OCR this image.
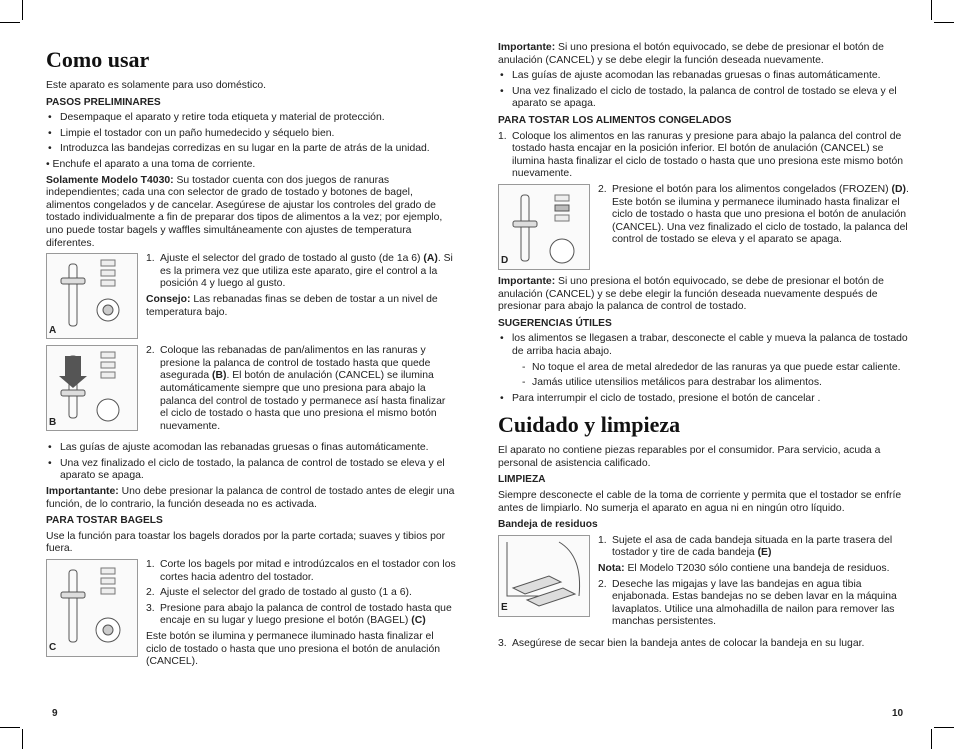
Como usar

Este aparato es solamente para uso doméstico.

PASOS PRELIMINARES
• Desempaque el aparato y retire toda etiqueta y material de protección.
• Limpie el tostador con un paño humedecido y séquelo bien.
• Introduzca las bandejas corredizas en su lugar en la parte de atrás de la unidad.

• Enchufe el aparato a una toma de corriente.

Solamente Modelo T4030: Su tostador cuenta con dos juegos de ranuras independientes; cada una con selector de grado de tostado y botones de bagel, alimentos congelados y de cancelar. Asegúrese de ajustar los controles del grado de tostado individualmente a fin de preparar dos tipos de alimentos a la vez; por ejemplo, uno puede tostar bagels y waffles simultáneamente con ajustes de temperatura diferentes.

A
1. Ajuste el selector del grado de tostado al gusto (de 1a 6) (A). Si es la primera vez que utiliza este aparato, gire el control a la posición 4 y luego al gusto.

Consejo: Las rebanadas finas se deben de tostar a un nivel de temperatura bajo.

B
2. Coloque las rebanadas de pan/alimentos en las ranuras y presione la palanca de control de tostado hasta que quede asegurada (B). El botón de anulación (CANCEL) se ilumina automáticamente siempre que uno presiona para abajo la palanca del control de tostado y permanece así hasta finalizar el ciclo de tostado o hasta que uno presiona el mismo botón nuevamente.
• Las guías de ajuste acomodan las rebanadas gruesas o finas automáticamente.
• Una vez finalizado el ciclo de tostado, la palanca de control de tostado se eleva y el aparato se apaga.

Importantante: Uno debe presionar la palanca de control de tostado antes de elegir una función, de lo contrario, la función deseada no es activada.

PARA TOSTAR BAGELS

Use la función para toastar los bagels dorados por la parte cortada; suaves y tibios por fuera.

C
1. Corte los bagels por mitad e introdúzcalos en el tostador con los cortes hacia adentro del tostador.
2. Ajuste el selector del grado de tostado al gusto (1 a 6).
3. Presione para abajo la palanca de control de tostado hasta que encaje en su lugar y luego presione el botón (BAGEL) (C)

Este botón se ilumina y permanece iluminado hasta finalizar el ciclo de tostado o hasta que uno presiona el botón de anulación (CANCEL).

9

Importante: Si uno presiona el botón equivocado, se debe de presionar el botón de anulación (CANCEL) y se debe elegir la función deseada nuevamente.

• Las guías de ajuste acomodan las rebanadas gruesas o finas automáticamente.
• Una vez finalizado el ciclo de tostado, la palanca de control de tostado se eleva y el aparato se apaga.
PARA TOSTAR LOS ALIMENTOS CONGELADOS
1. Coloque los alimentos en las ranuras y presione para abajo la palanca del control de tostado hasta encajar en la posición inferior. El botón de anulación (CANCEL) se ilumina hasta finalizar el ciclo de tostado o hasta que uno presiona este mismo botón nuevamente.
D
2. Presione el botón para los alimentos congelados (FROZEN) (D). Este botón se ilumina y permanece iluminado hasta finalizar el ciclo de tostado o hasta que uno presiona el botón de anulación (CANCEL). Una vez finalizado el ciclo de tostado, la palanca del control de tostado se eleva y el aparato se apaga.

Importante: Si uno presiona el botón equivocado, se debe de presionar el botón de anulación (CANCEL) y se debe elegir la función deseada nuevamente después de presionar para abajo la palanca de control de tostado.

SUGERENCIAS ÚTILES
• los alimentos se llegasen a trabar, desconecte el cable y mueva la palanca de tostado de arriba hacia abajo.
- No toque el area de metal alrededor de las ranuras ya que puede estar caliente.
- Jamás utilice utensilios metálicos para destrabar los alimentos.
• Para interrumpir el ciclo de tostado, presione el botón de cancelar .
Cuidado y limpieza

El aparato no contiene piezas reparables por el consumidor. Para servicio, acuda a personal de asistencia calificado.

LIMPIEZA

Siempre desconecte el cable de la toma de corriente y permita que el tostador se enfríe antes de limpiarlo. No sumerja el aparato en agua ni en ningún otro líquido.

Bandeja de residuos
E
1. Sujete el asa de cada bandeja situada en la parte trasera del tostador y tire de cada bandeja (E)

Nota: El Modelo T2030 sólo contiene una bandeja de residuos.

2. Deseche las migajas y lave las bandejas en agua tibia enjabonada. Estas bandejas no se deben lavar en la máquina lavaplatos. Utilice una almohadilla de nailon para remover las manchas persistentes.
3. Asegúrese de secar bien la bandeja antes de colocar la bandeja en su lugar.
10
